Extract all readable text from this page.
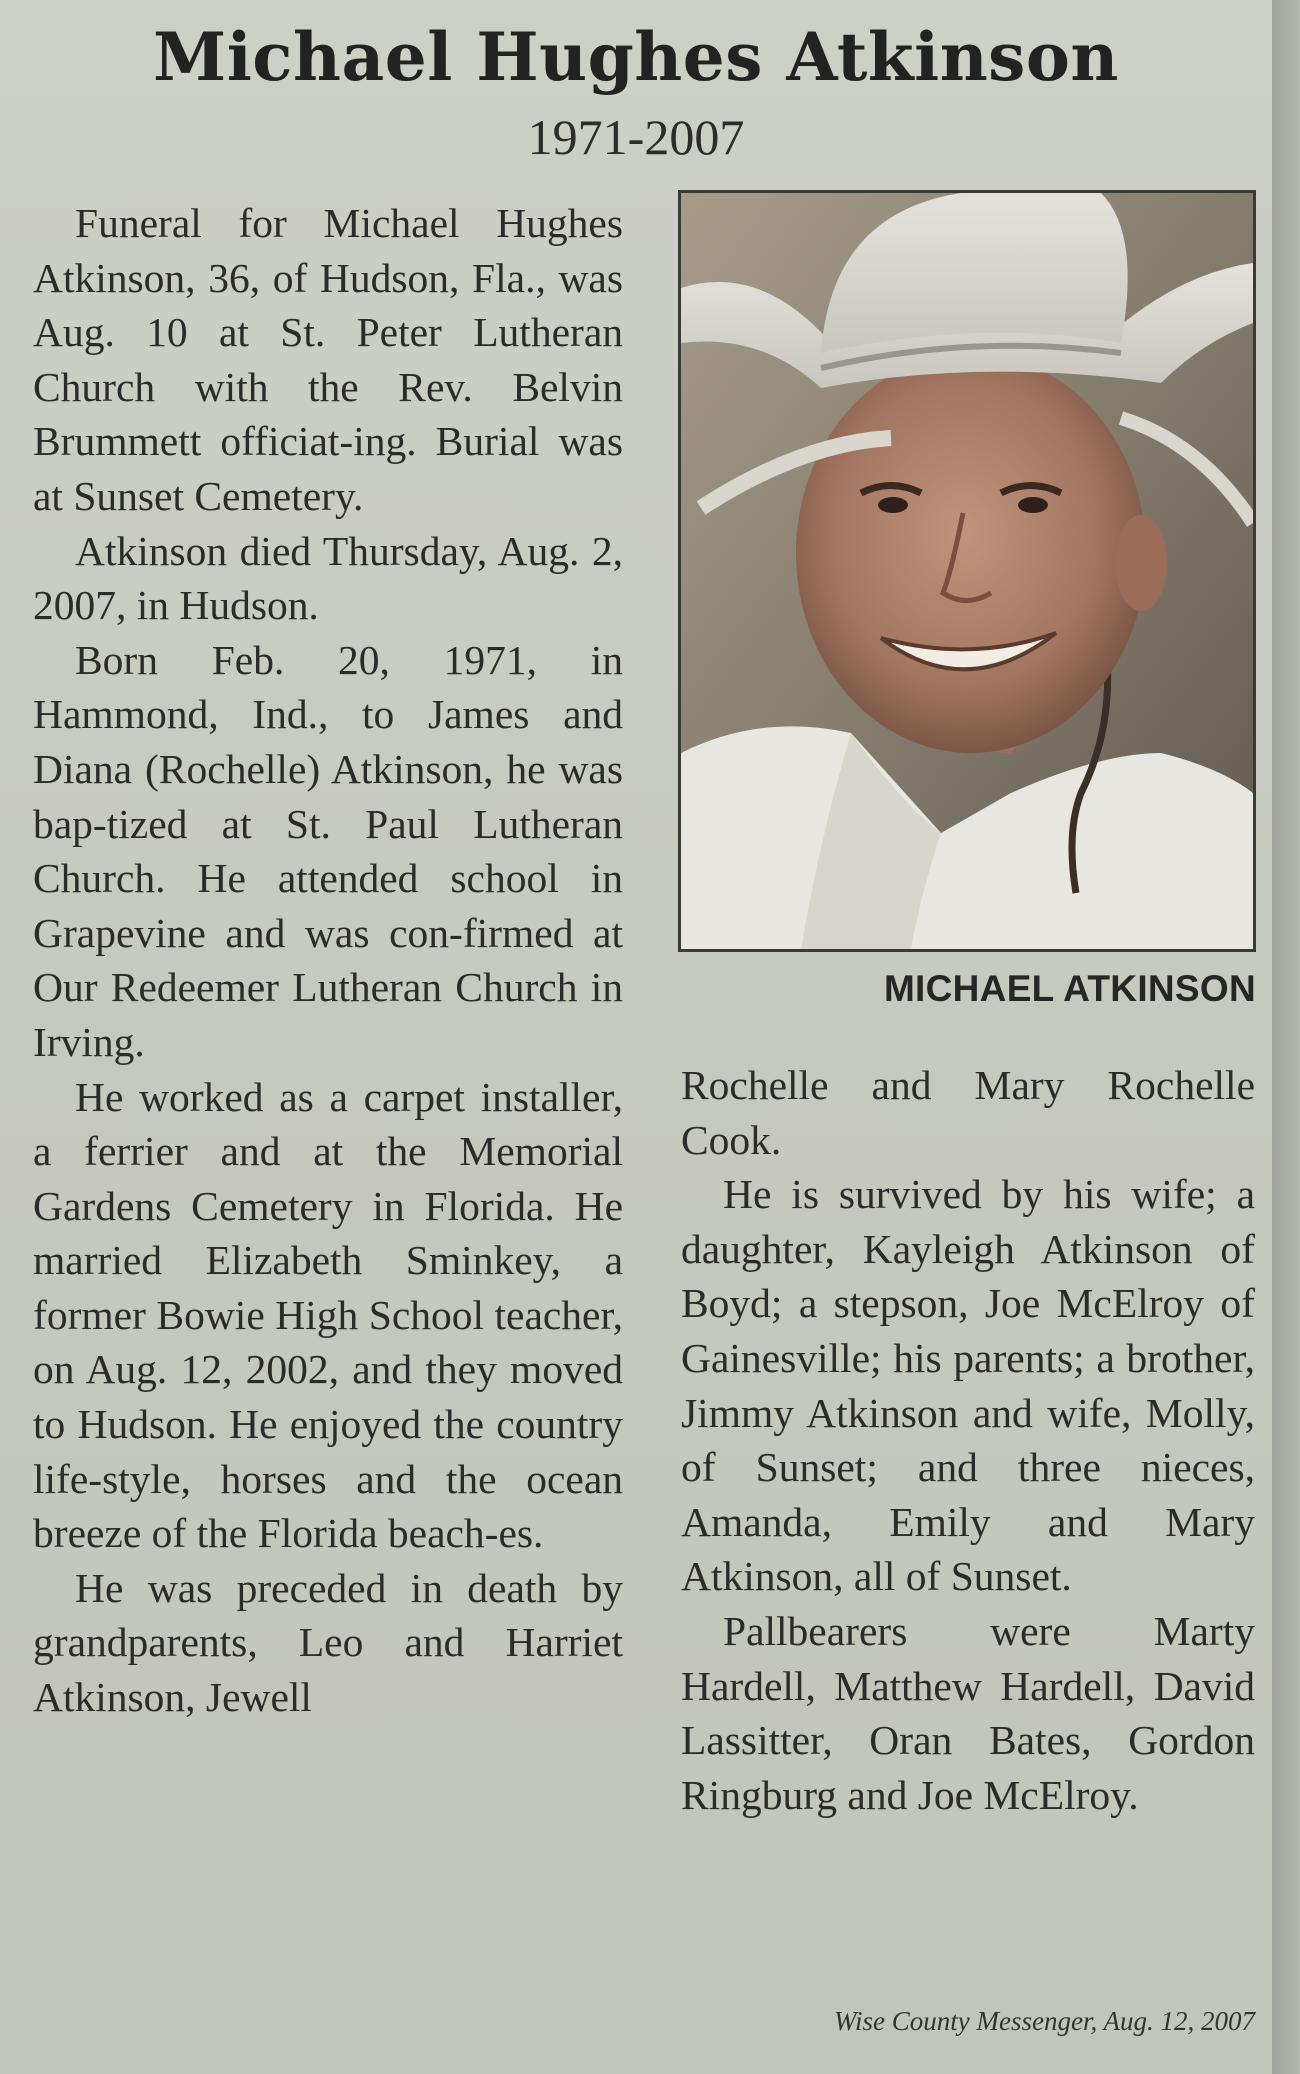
Michael Hughes Atkinson
1971-2007

Funeral for Michael Hughes Atkinson, 36, of Hudson, Fla., was Aug. 10 at St. Peter Lutheran Church with the Rev. Belvin Brummett officiat-ing. Burial was at Sunset Cemetery.

Atkinson died Thursday, Aug. 2, 2007, in Hudson.

Born Feb. 20, 1971, in Hammond, Ind., to James and Diana (Rochelle) Atkinson, he was bap-tized at St. Paul Lutheran Church. He attended school in Grapevine and was con-firmed at Our Redeemer Lutheran Church in Irving.

He worked as a carpet installer, a ferrier and at the Memorial Gardens Cemetery in Florida. He married Elizabeth Sminkey, a former Bowie High School teacher, on Aug. 12, 2002, and they moved to Hudson. He enjoyed the country life-style, horses and the ocean breeze of the Florida beach-es.

He was preceded in death by grandparents, Leo and Harriet Atkinson, Jewell

MICHAEL ATKINSON

Rochelle and Mary Rochelle Cook.

He is survived by his wife; a daughter, Kayleigh Atkinson of Boyd; a stepson, Joe McElroy of Gainesville; his parents; a brother, Jimmy Atkinson and wife, Molly, of Sunset; and three nieces, Amanda, Emily and Mary Atkinson, all of Sunset.

Pallbearers were Marty Hardell, Matthew Hardell, David Lassitter, Oran Bates, Gordon Ringburg and Joe McElroy.

Wise County Messenger, Aug. 12, 2007
